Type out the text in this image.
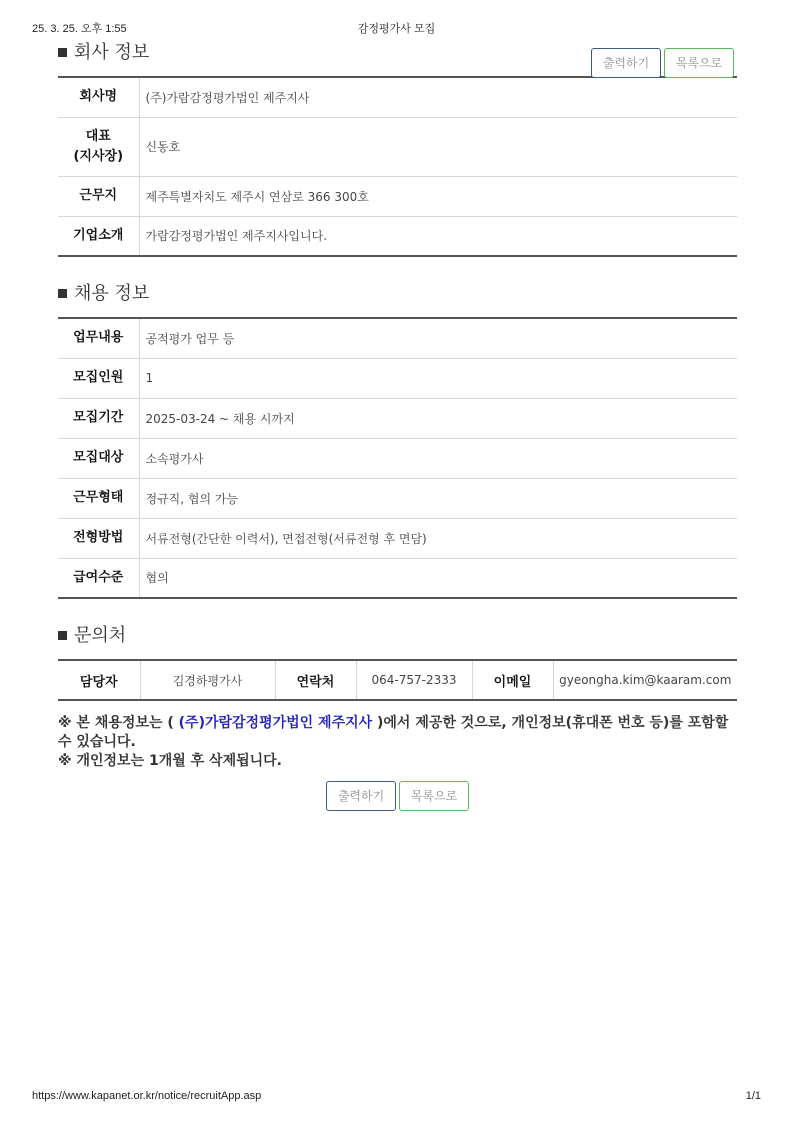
25. 3. 25. 오후 1:55	감정평가사 모집
회사 정보	출력하기	목록으로
회사명	(주)가람감정평가법인 제주지사
대표
(지사장)	신동호
근무지	제주특별자치도 제주시 연삼로 366 300호
기업소개	가람감정평가법인 제주지사입니다.
채용 정보
업무내용	공적평가 업무 등
모집인원	1
모집기간	2025-03-24 ~ 채용 시까지
모집대상	소속평가사
근무형태	정규직, 협의 가능
전형방법	서류전형(간단한 이력서), 면접전형(서류전형 후 면담)
급여수준	협의
문의처
담당자	김경하평가사	연락처	064-757-2333	이메일	gyeongha.kim@kaaram.com
※ 본 채용정보는 ( (주)가람감정평가법인 제주지사 )에서 제공한 것으로, 개인정보(휴대폰 번호 등)를 포함할 수 있습니다.
※ 개인정보는 1개월 후 삭제됩니다.
출력하기	목록으로
https://www.kapanet.or.kr/notice/recruitApp.asp	1/1
